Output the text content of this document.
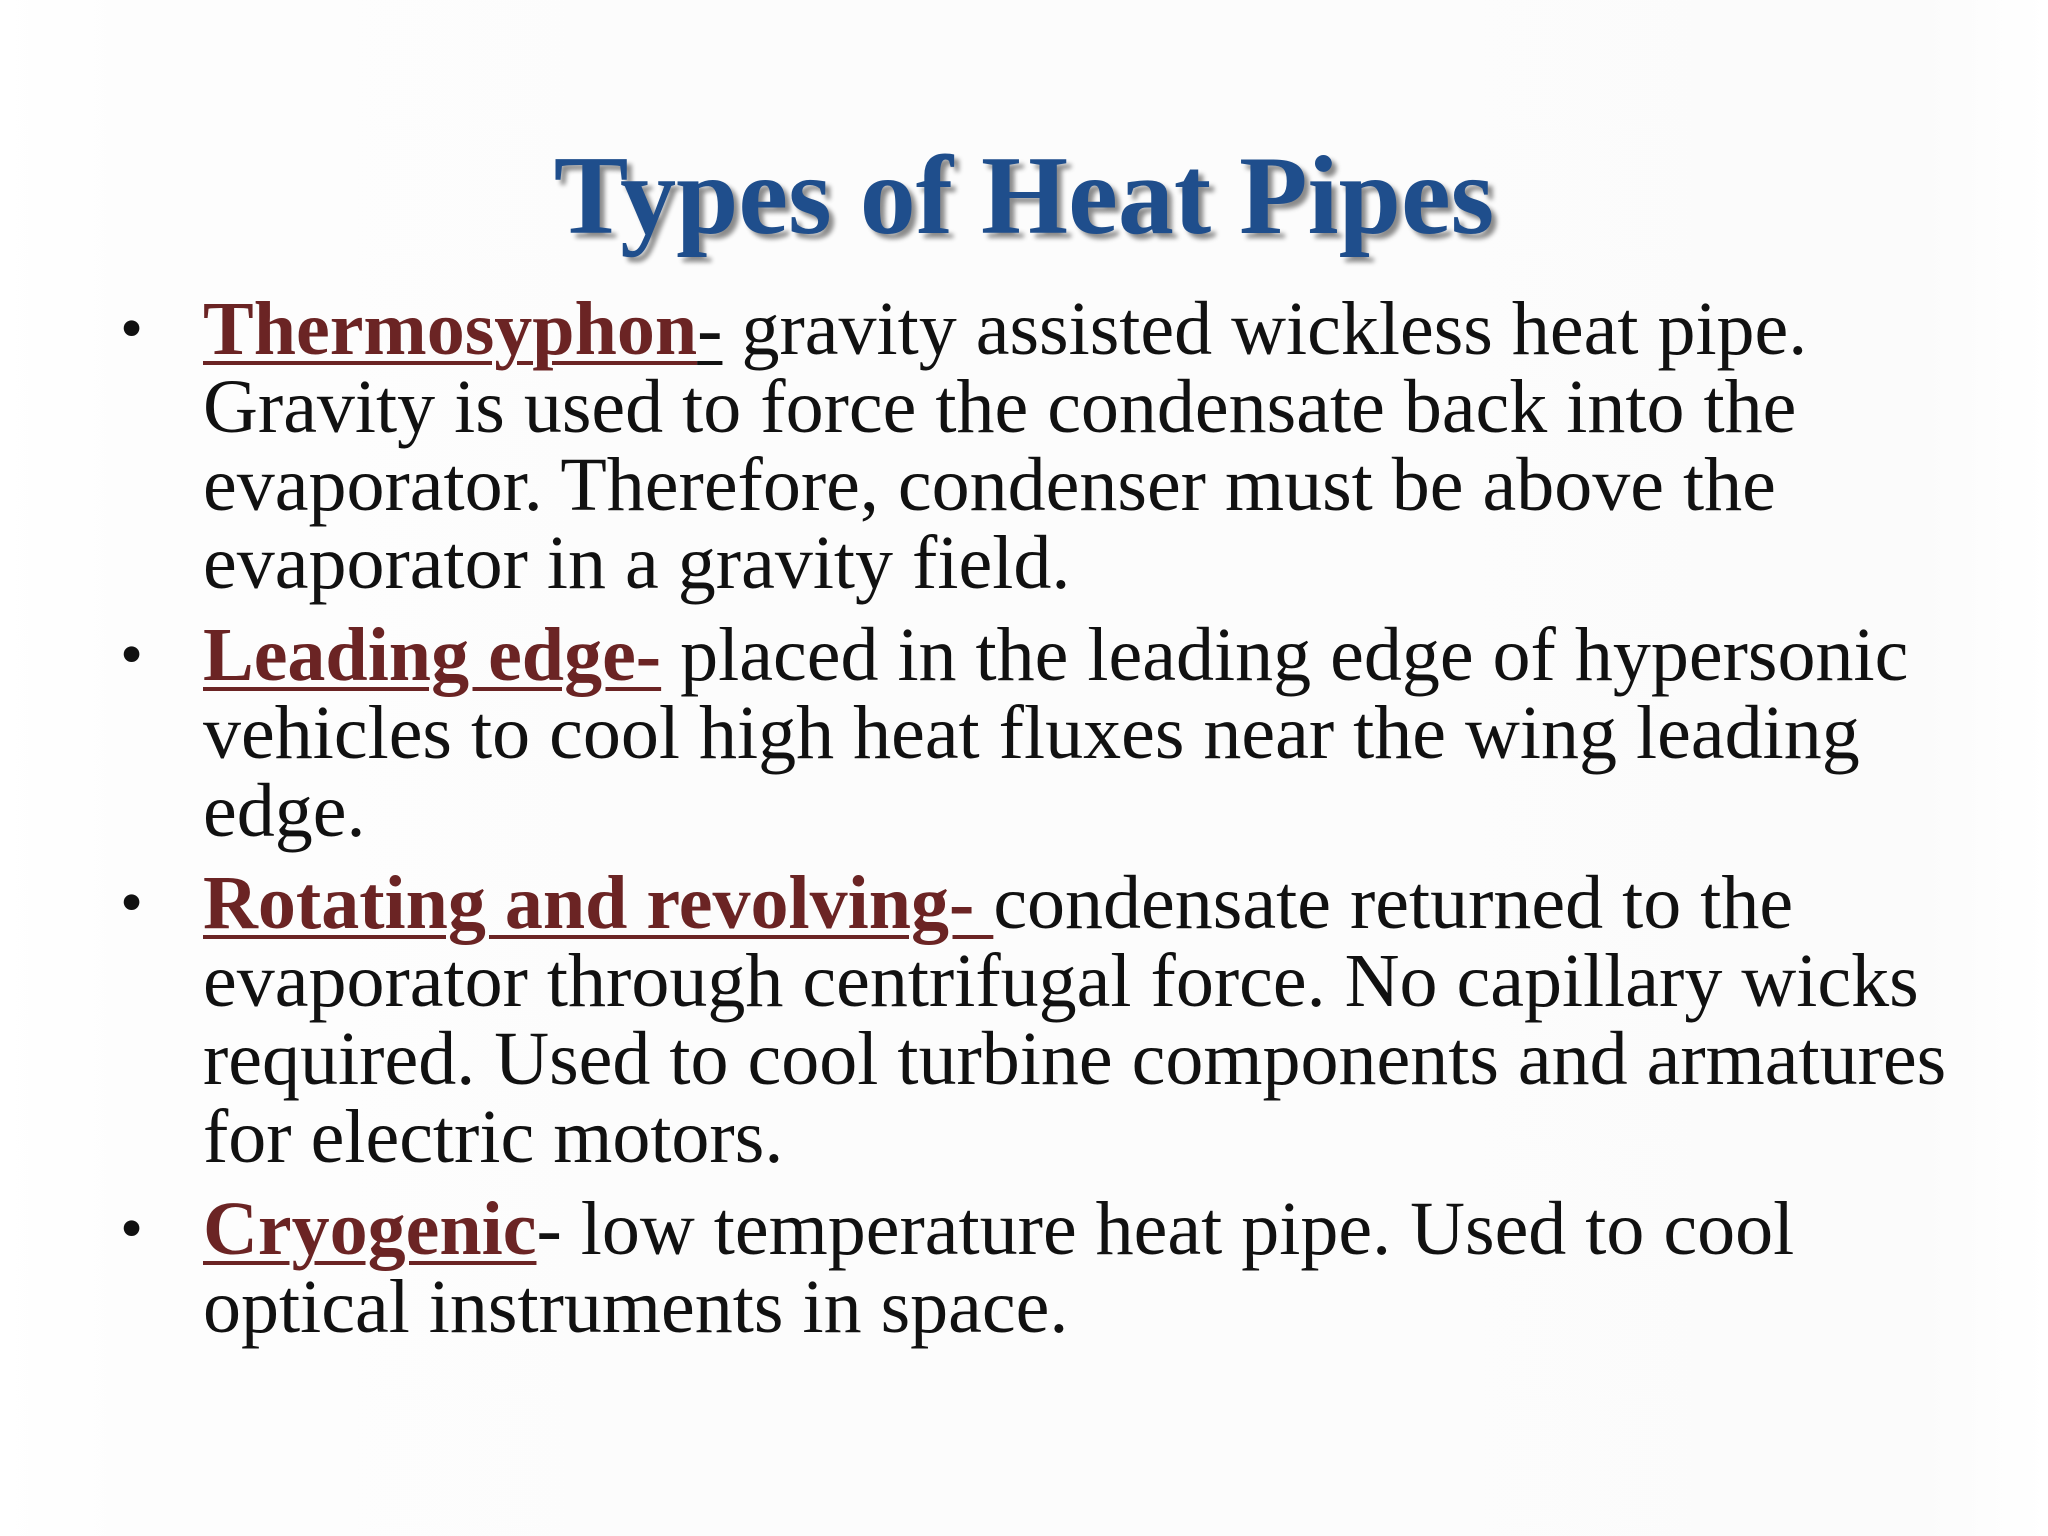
Types of Heat Pipes
• Thermosyphon- gravity assisted wickless heat pipe. Gravity is used to force the condensate back into the evaporator. Therefore, condenser must be above the evaporator in a gravity field.
• Leading edge- placed in the leading edge of hypersonic vehicles to cool high heat fluxes near the wing leading edge.
• Rotating and revolving- condensate returned to the evaporator through centrifugal force. No capillary wicks required. Used to cool turbine components and armatures for electric motors.
• Cryogenic- low temperature heat pipe. Used to cool optical instruments in space.
